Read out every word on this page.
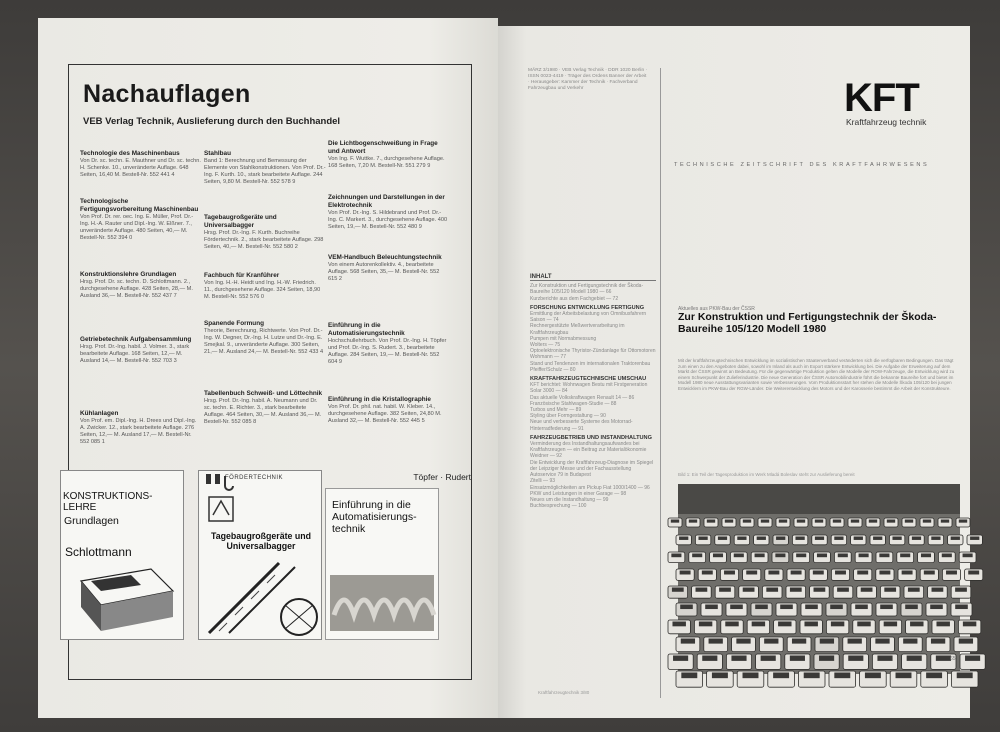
Nachauflagen
VEB Verlag Technik, Auslieferung durch den Buchhandel
Technologie des Maschinenbaus
Von Dr. sc. techn. E. Mauthner und Dr. sc. techn. H. Schenke. 10., unveränderte Auflage. 648 Seiten, 16,40 M. Bestell-Nr. 552 441 4
Technologische Fertigungsvorbereitung Maschinenbau
Von Prof. Dr. rer. oec. Ing. E. Müller, Prof. Dr.-Ing. H.-A. Rauter und Dipl.-Ing. W. Elßner. 7., unveränderte Auflage. 480 Seiten, 40,— M. Bestell-Nr. 552 394 0
Konstruktionslehre Grundlagen
Hrsg. Prof. Dr. sc. techn. D. Schlottmann. 2., durchgesehene Auflage. 428 Seiten, 28,— M. Ausland 36,— M. Bestell-Nr. 552 437 7
Getriebetechnik Aufgabensammlung
Hrsg. Prof. Dr.-Ing. habil. J. Volmer. 3., stark bearbeitete Auflage. 168 Seiten, 12,— M. Ausland 14,— M. Bestell-Nr. 552 703 3
Kühlanlagen
Von Prof. em. Dipl.-Ing. H. Drees und Dipl.-Ing. A. Zwicker. 12., stark bearbeitete Auflage. 276 Seiten, 12,— M. Ausland 17,— M. Bestell-Nr. 552 085 1
Stahlbau
Band 1: Berechnung und Bemessung der Elemente von Stahlkonstruktionen. Von Prof. Dr.-Ing. F. Kurth. 10., stark bearbeitete Auflage. 244 Seiten, 9,80 M. Bestell-Nr. 552 578 9
Tagebaugroßgeräte und Universalbagger
Hrsg. Prof. Dr.-Ing. F. Kurth. Buchreihe Fördertechnik. 2., stark bearbeitete Auflage. 298 Seiten, 40,— M. Bestell-Nr. 552 580 2
Fachbuch für Kranführer
Von Ing. H.-H. Heidt und Ing. H.-W. Friedrich. 11., durchgesehene Auflage. 324 Seiten, 18,90 M. Bestell-Nr. 552 576 0
Spanende Formung
Theorie, Berechnung, Richtwerte. Von Prof. Dr.-Ing. W. Degner, Dr.-Ing. H. Lutze und Dr.-Ing. E. Smejkal. 9., unveränderte Auflage. 300 Seiten, 21,— M. Ausland 24,— M. Bestell-Nr. 552 433 4
Tabellenbuch Schweiß- und Löttechnik
Hrsg. Prof. Dr.-Ing. habil. A. Neumann und Dr. sc. techn. E. Richter. 3., stark bearbeitete Auflage. 464 Seiten, 30,— M. Ausland 36,— M. Bestell-Nr. 552 085 8
Die Lichtbogenschweißung in Frage und Antwort
Von Ing. F. Wuttke. 7., durchgesehene Auflage. 168 Seiten, 7,20 M. Bestell-Nr. 551 279 9
Zeichnungen und Darstellungen in der Elektrotechnik
Von Prof. Dr.-Ing. S. Hildebrand und Prof. Dr.-Ing. C. Markert. 3., durchgesehene Auflage. 400 Seiten, 19,— M. Bestell-Nr. 552 480 9
VEM-Handbuch Beleuchtungstechnik
Von einem Autorenkollektiv. 4., bearbeitete Auflage. 568 Seiten, 35,— M. Bestell-Nr. 552 615 2
Einführung in die Automatisierungstechnik
Hochschullehrbuch. Von Prof. Dr.-Ing. H. Töpfer und Prof. Dr.-Ing. S. Rudert. 3., bearbeitete Auflage. 284 Seiten, 19,— M. Bestell-Nr. 552 604 9
Einführung in die Kristallographie
Von Prof. Dr. phil. nat. habil. W. Kleber. 14., durchgesehene Auflage. 382 Seiten, 24,80 M. Ausland 32,— M. Bestell-Nr. 552 445 5
KONSTRUKTIONS-LEHRE
Grundlagen
Schlottmann
FÖRDERTECHNIK
Tagebaugroßgeräte und Universalbagger
Töpfer · Rudert
Einführung in die Automatisierungs-technik
MÄRZ 3/1980 · VEB Verlag Technik · DDR 1020 Berlin · ISSN 0023-4419 · Träger des Ordens Banner der Arbeit · Herausgeber: Kammer der Technik · Fachverband Fahrzeugbau und Verkehr	KFT
Kraftfahrzeug technik
TECHNISCHE ZEITSCHRIFT DES KRAFTFAHRWESENS
INHALT
Zur Konstruktion und Fertigungstechnik der Škoda-Baureihe 105/120 Modell 1980 — 66
Kurzberichte aus dem Fachgebiet — 72
FORSCHUNG ENTWICKLUNG FERTIGUNG
Ermittlung der Arbeitsbelastung von Omnibusfahrern
Saison — 74
Rechnergestützte Meßwertverarbeitung im Kraftfahrzeugbau
Pumpen mit Normabmessung
Wolters — 75
Optoelektronische Thyristor-Zündanlage für Ottomotoren
Wohmann — 77
Stand und Tendenzen im internationalen Traktorenbau
Pfeiffer/Schulz — 80
KRAFTFAHRZEUGTECHNISCHE UMSCHAU
KFT berichtet: Wohnwagen Bestu mit Firstgeneration Solar 3000 — 84
Das aktuelle Volkskraftwagen Renault 14 — 86
Französische Stahlwagen-Studie — 88
Turbos und Mehr — 89
Styling über Formgestaltung — 90
Neue und verbesserte Systeme des Motorrad-Hinterradfederung — 91
FAHRZEUGBETRIEB UND INSTANDHALTUNG
Verminderung des Instandhaltungsaufwandes bei Kraftfahrzeugen — ein Beitrag zur Materialökonomie
Weidner — 92
Die Entwicklung der Kraftfahrzeug-Diagnose im Spiegel der Leipziger Messe und der Fachausstellung Autoservice 79 in Budapest
Zitelli — 93
Einsatzmöglichkeiten am Pickup Fiat 1000/1400 — 96
PKW und Leistungen in einer Garage — 98
Neues um die Instandhaltung — 99
Buchbesprechung — 100
Aktuelles aus PKW-Bau der ČSSR
Zur Konstruktion und Fertigungstechnik der Škoda-Baureihe 105/120 Modell 1980
Mit der kraftfahrzeugtechnischen Entwicklung im sozialistischen Staatenverband veränderten sich die verfügbaren Bedingungen. Das trägt zum einen zu den Angeboten dabei, sowohl im Inland als auch im Export stärkere Entwicklung bei. Die Aufgabe der Erweiterung auf dem Markt der ČSSR gewinnt an Bedeutung. Für die gegenwärtige Produktion gelten die Modelle der ROW-Fahrzeuge, die Entwicklung wird zu einem Schwerpunkt der Zulieferindustrie. Die neue Generation der ČSSR Automobilindustrie führt die bekannte Baureihe fort und bietet im Modell 1980 neue Ausstattungsvarianten sowie Verbesserungen. Vom Produktionsstart her stehen die Modelle Škoda 105/120 bei jungen Entwicklern im PKW-Bau der RGW-Länder. Die Weiterentwicklung des Motors und der Karosserie bestimmt die Arbeit der Konstrukteure.
Bild 1: Ein Teil der Tagesproduktion im Werk Mladá Boleslav steht zur Auslieferung bereit
Kraftfahrzeugtechnik 3/80
65
